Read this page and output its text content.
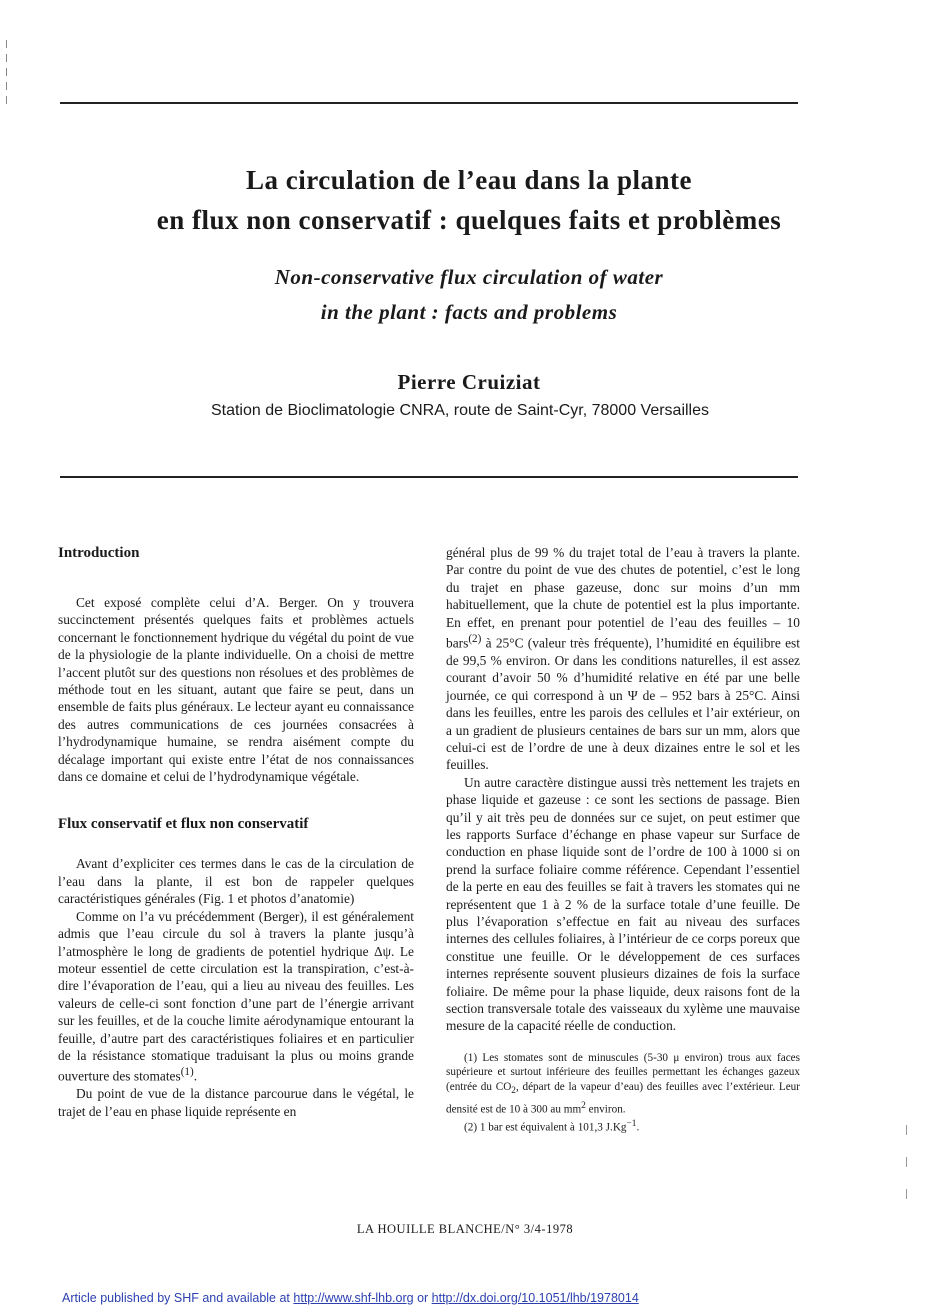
La circulation de l’eau dans la plante
en flux non conservatif : quelques faits et problèmes
Non-conservative flux circulation of water
in the plant : facts and problems
Pierre Cruiziat
Station de Bioclimatologie CNRA, route de Saint-Cyr, 78000 Versailles
Introduction

Cet exposé complète celui d’A. Berger. On y trouvera succinctement présentés quelques faits et problèmes actuels concernant le fonctionnement hydrique du végétal du point de vue de la physiologie de la plante individuelle. On a choisi de mettre l’accent plutôt sur des questions non résolues et des problèmes de méthode tout en les situant, autant que faire se peut, dans un ensemble de faits plus généraux. Le lecteur ayant eu connaissance des autres communications de ces journées consacrées à l’hydrodynamique humaine, se rendra aisément compte du décalage important qui existe entre l’état de nos connaissances dans ce domaine et celui de l’hydrodynamique végétale.

Flux conservatif et flux non conservatif

Avant d’expliciter ces termes dans le cas de la circulation de l’eau dans la plante, il est bon de rappeler quelques caractéristiques générales (Fig. 1 et photos d’anatomie)

Comme on l’a vu précédemment (Berger), il est généralement admis que l’eau circule du sol à travers la plante jusqu’à l’atmosphère le long de gradients de potentiel hydrique Δψ. Le moteur essentiel de cette circulation est la transpiration, c’est-à-dire l’évaporation de l’eau, qui a lieu au niveau des feuilles. Les valeurs de celle-ci sont fonction d’une part de l’énergie arrivant sur les feuilles, et de la couche limite aérodynamique entourant la feuille, d’autre part des caractéristiques foliaires et en particulier de la résistance stomatique traduisant la plus ou moins grande ouverture des stomates$^{(1)}$.

Du point de vue de la distance parcourue dans le végétal, le trajet de l’eau en phase liquide représente en

général plus de 99 % du trajet total de l’eau à travers la plante. Par contre du point de vue des chutes de potentiel, c’est le long du trajet en phase gazeuse, donc sur moins d’un mm habituellement, que la chute de potentiel est la plus importante. En effet, en prenant pour potentiel de l’eau des feuilles – 10 bars$^{(2)}$ à 25°C (valeur très fréquente), l’humidité en équilibre est de 99,5 % environ. Or dans les conditions naturelles, il est assez courant d’avoir 50 % d’humidité relative en été par une belle journée, ce qui correspond à un Ψ de – 952 bars à 25°C. Ainsi dans les feuilles, entre les parois des cellules et l’air extérieur, on a un gradient de plusieurs centaines de bars sur un mm, alors que celui-ci est de l’ordre de une à deux dizaines entre le sol et les feuilles.

Un autre caractère distingue aussi très nettement les trajets en phase liquide et gazeuse : ce sont les sections de passage. Bien qu’il y ait très peu de données sur ce sujet, on peut estimer que les rapports Surface d’échange en phase vapeur sur Surface de conduction en phase liquide sont de l’ordre de 100 à 1000 si on prend la surface foliaire comme référence. Cependant l’essentiel de la perte en eau des feuilles se fait à travers les stomates qui ne représentent que 1 à 2 % de la surface totale d’une feuille. De plus l’évaporation s’effectue en fait au niveau des surfaces internes des cellules foliaires, à l’intérieur de ce corps poreux que constitue une feuille. Or le développement de ces surfaces internes représente souvent plusieurs dizaines de fois la surface foliaire. De même pour la phase liquide, deux raisons font de la section transversale totale des vaisseaux du xylème une mauvaise mesure de la capacité réelle de conduction.

(1) Les stomates sont de minuscules (5-30 μ environ) trous aux faces supérieure et surtout inférieure des feuilles permettant les échanges gazeux (entrée du $CO_2$, départ de la vapeur d’eau) des feuilles avec l’extérieur. Leur densité est de 10 à 300 au $mm^2$ environ.

(2) 1 bar est équivalent à 101,3 $J.Kg^{-1}$.

LA HOUILLE BLANCHE/N° 3/4-1978
Article published by SHF and available at http://www.shf-lhb.org or http://dx.doi.org/10.1051/lhb/1978014
